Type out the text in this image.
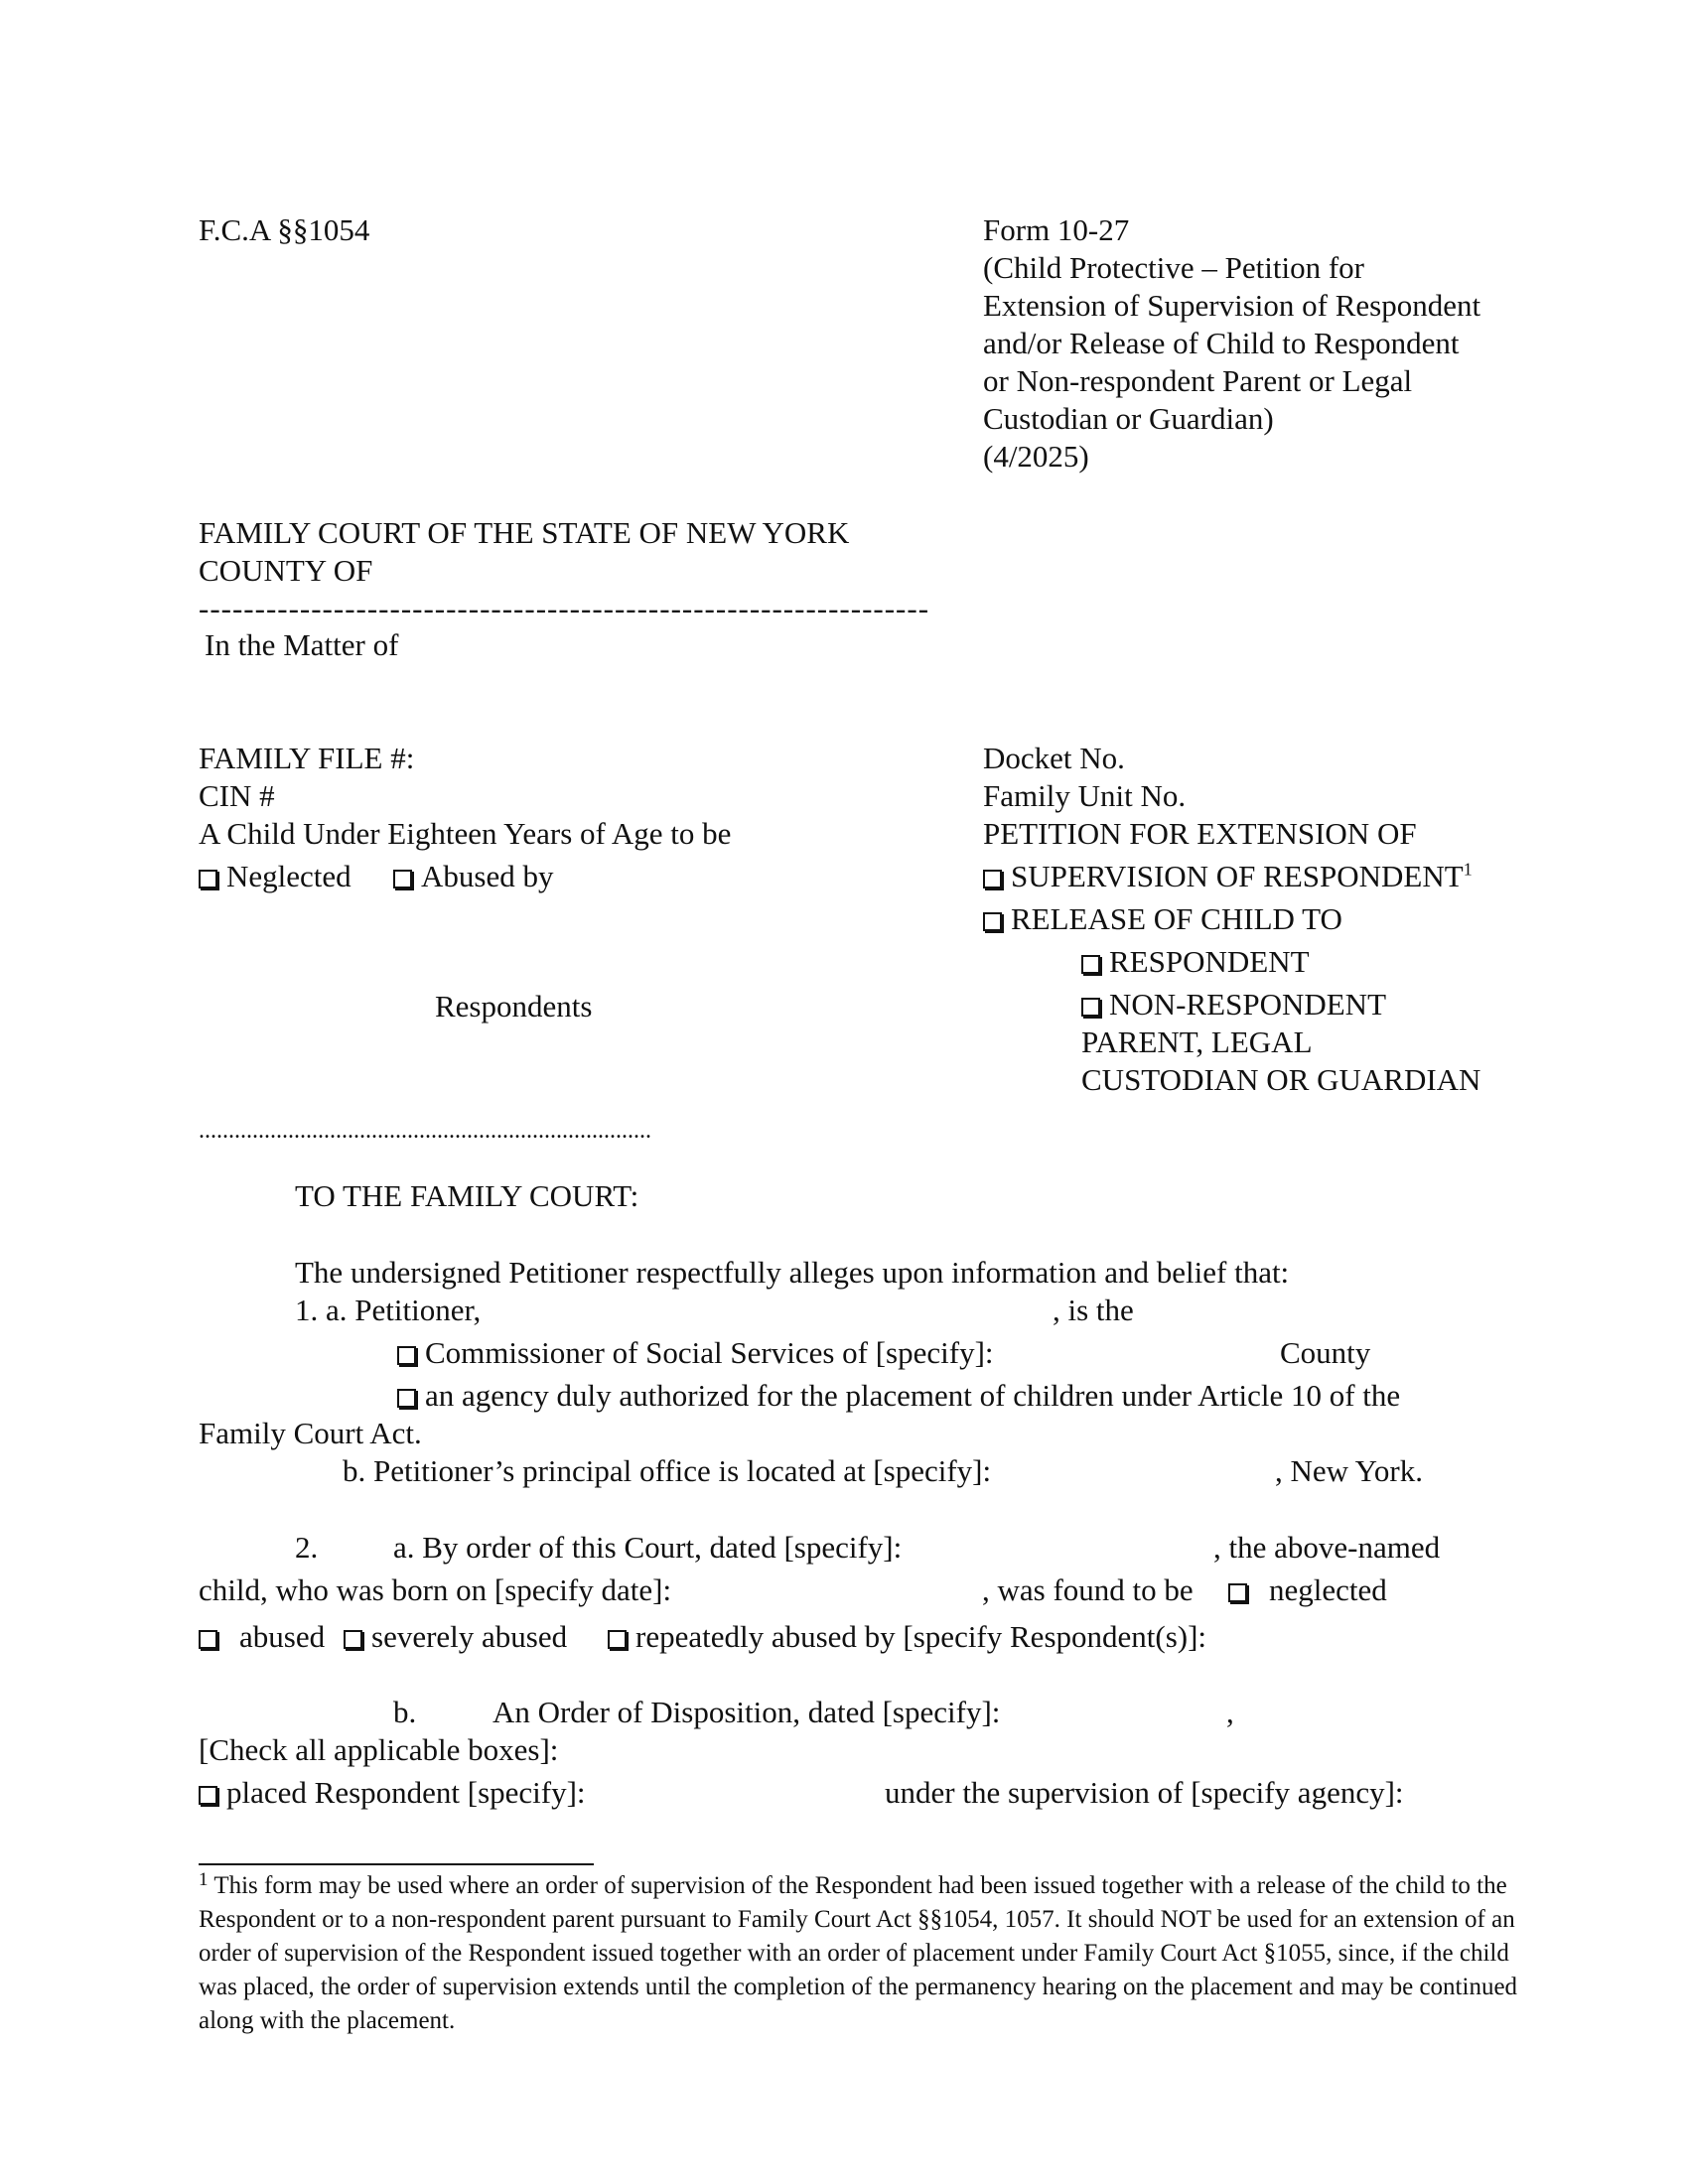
F.C.A §§1054	Form 10-27
(Child Protective – Petition for
Extension of Supervision of Respondent
and/or Release of Child to Respondent
or Non-respondent Parent or Legal
Custodian or Guardian)
(4/2025)
FAMILY COURT OF THE STATE OF NEW YORK
COUNTY OF
-----------------------------------------------------------------
In the Matter of
FAMILY FILE #:
CIN #
A Child Under Eighteen Years of Age to be
Neglected	Abused by
Respondents
............................................................................
Docket No.
Family Unit No.
PETITION FOR EXTENSION OF
SUPERVISION OF RESPONDENT$^1$
RELEASE OF CHILD TO
RESPONDENT
NON-RESPONDENT
PARENT, LEGAL
CUSTODIAN OR GUARDIAN
TO THE FAMILY COURT:
The undersigned Petitioner respectfully alleges upon information and belief that:
1. a. Petitioner,	, is the
Commissioner of Social Services of [specify]:	County
an agency duly authorized for the placement of children under Article 10 of the
Family Court Act.
b. Petitioner’s principal office is located at [specify]:	, New York.
2. a. By order of this Court, dated [specify]:	, the above-named
child, who was born on [specify date]:	, was found to be	neglected
abused	severely abused	repeatedly abused by [specify Respondent(s)]:
b. An Order of Disposition, dated [specify]:	,
[Check all applicable boxes]:
placed Respondent [specify]:	under the supervision of [specify agency]:
$^1$ This form may be used where an order of supervision of the Respondent had been issued together with a release of the child to the Respondent or to a non-respondent parent pursuant to Family Court Act §§1054, 1057. It should NOT be used for an extension of an order of supervision of the Respondent issued together with an order of placement under Family Court Act §1055, since, if the child was placed, the order of supervision extends until the completion of the permanency hearing on the placement and may be continued along with the placement.
